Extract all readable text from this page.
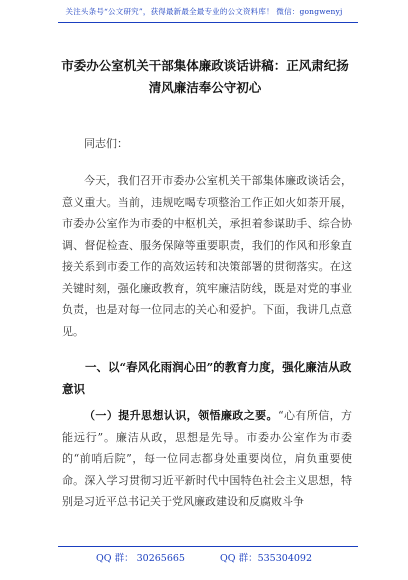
关注头条号“公文研究”，获得最新最全最专业的公文资料库！ 微信：gongwenyj
市委办公室机关干部集体廉政谈话讲稿：正风肃纪扬清风廉洁奉公守初心
同志们：

今天，我们召开市委办公室机关干部集体廉政谈话会，意义重大。当前，违规吃喝专项整治工作正如火如荼开展，市委办公室作为市委的中枢机关，承担着参谋助手、综合协调、督促检查、服务保障等重要职责，我们的作风和形象直接关系到市委工作的高效运转和决策部署的贯彻落实。在这关键时刻，强化廉政教育，筑牢廉洁防线，既是对党的事业负责，也是对每一位同志的关心和爱护。下面，我讲几点意见。

一、以“春风化雨润心田”的教育力度，强化廉洁从政意识

（一）提升思想认识，领悟廉政之要。“心有所信，方能远行”。廉洁从政，思想是先导。市委办公室作为市委的“前哨后院”，每一位同志都身处重要岗位，肩负重要使命。深入学习贯彻习近平新时代中国特色社会主义思想，特别是习近平总书记关于党风廉政建设和反腐败斗争

QQ 群： 30265665	QQ 群：535304092
